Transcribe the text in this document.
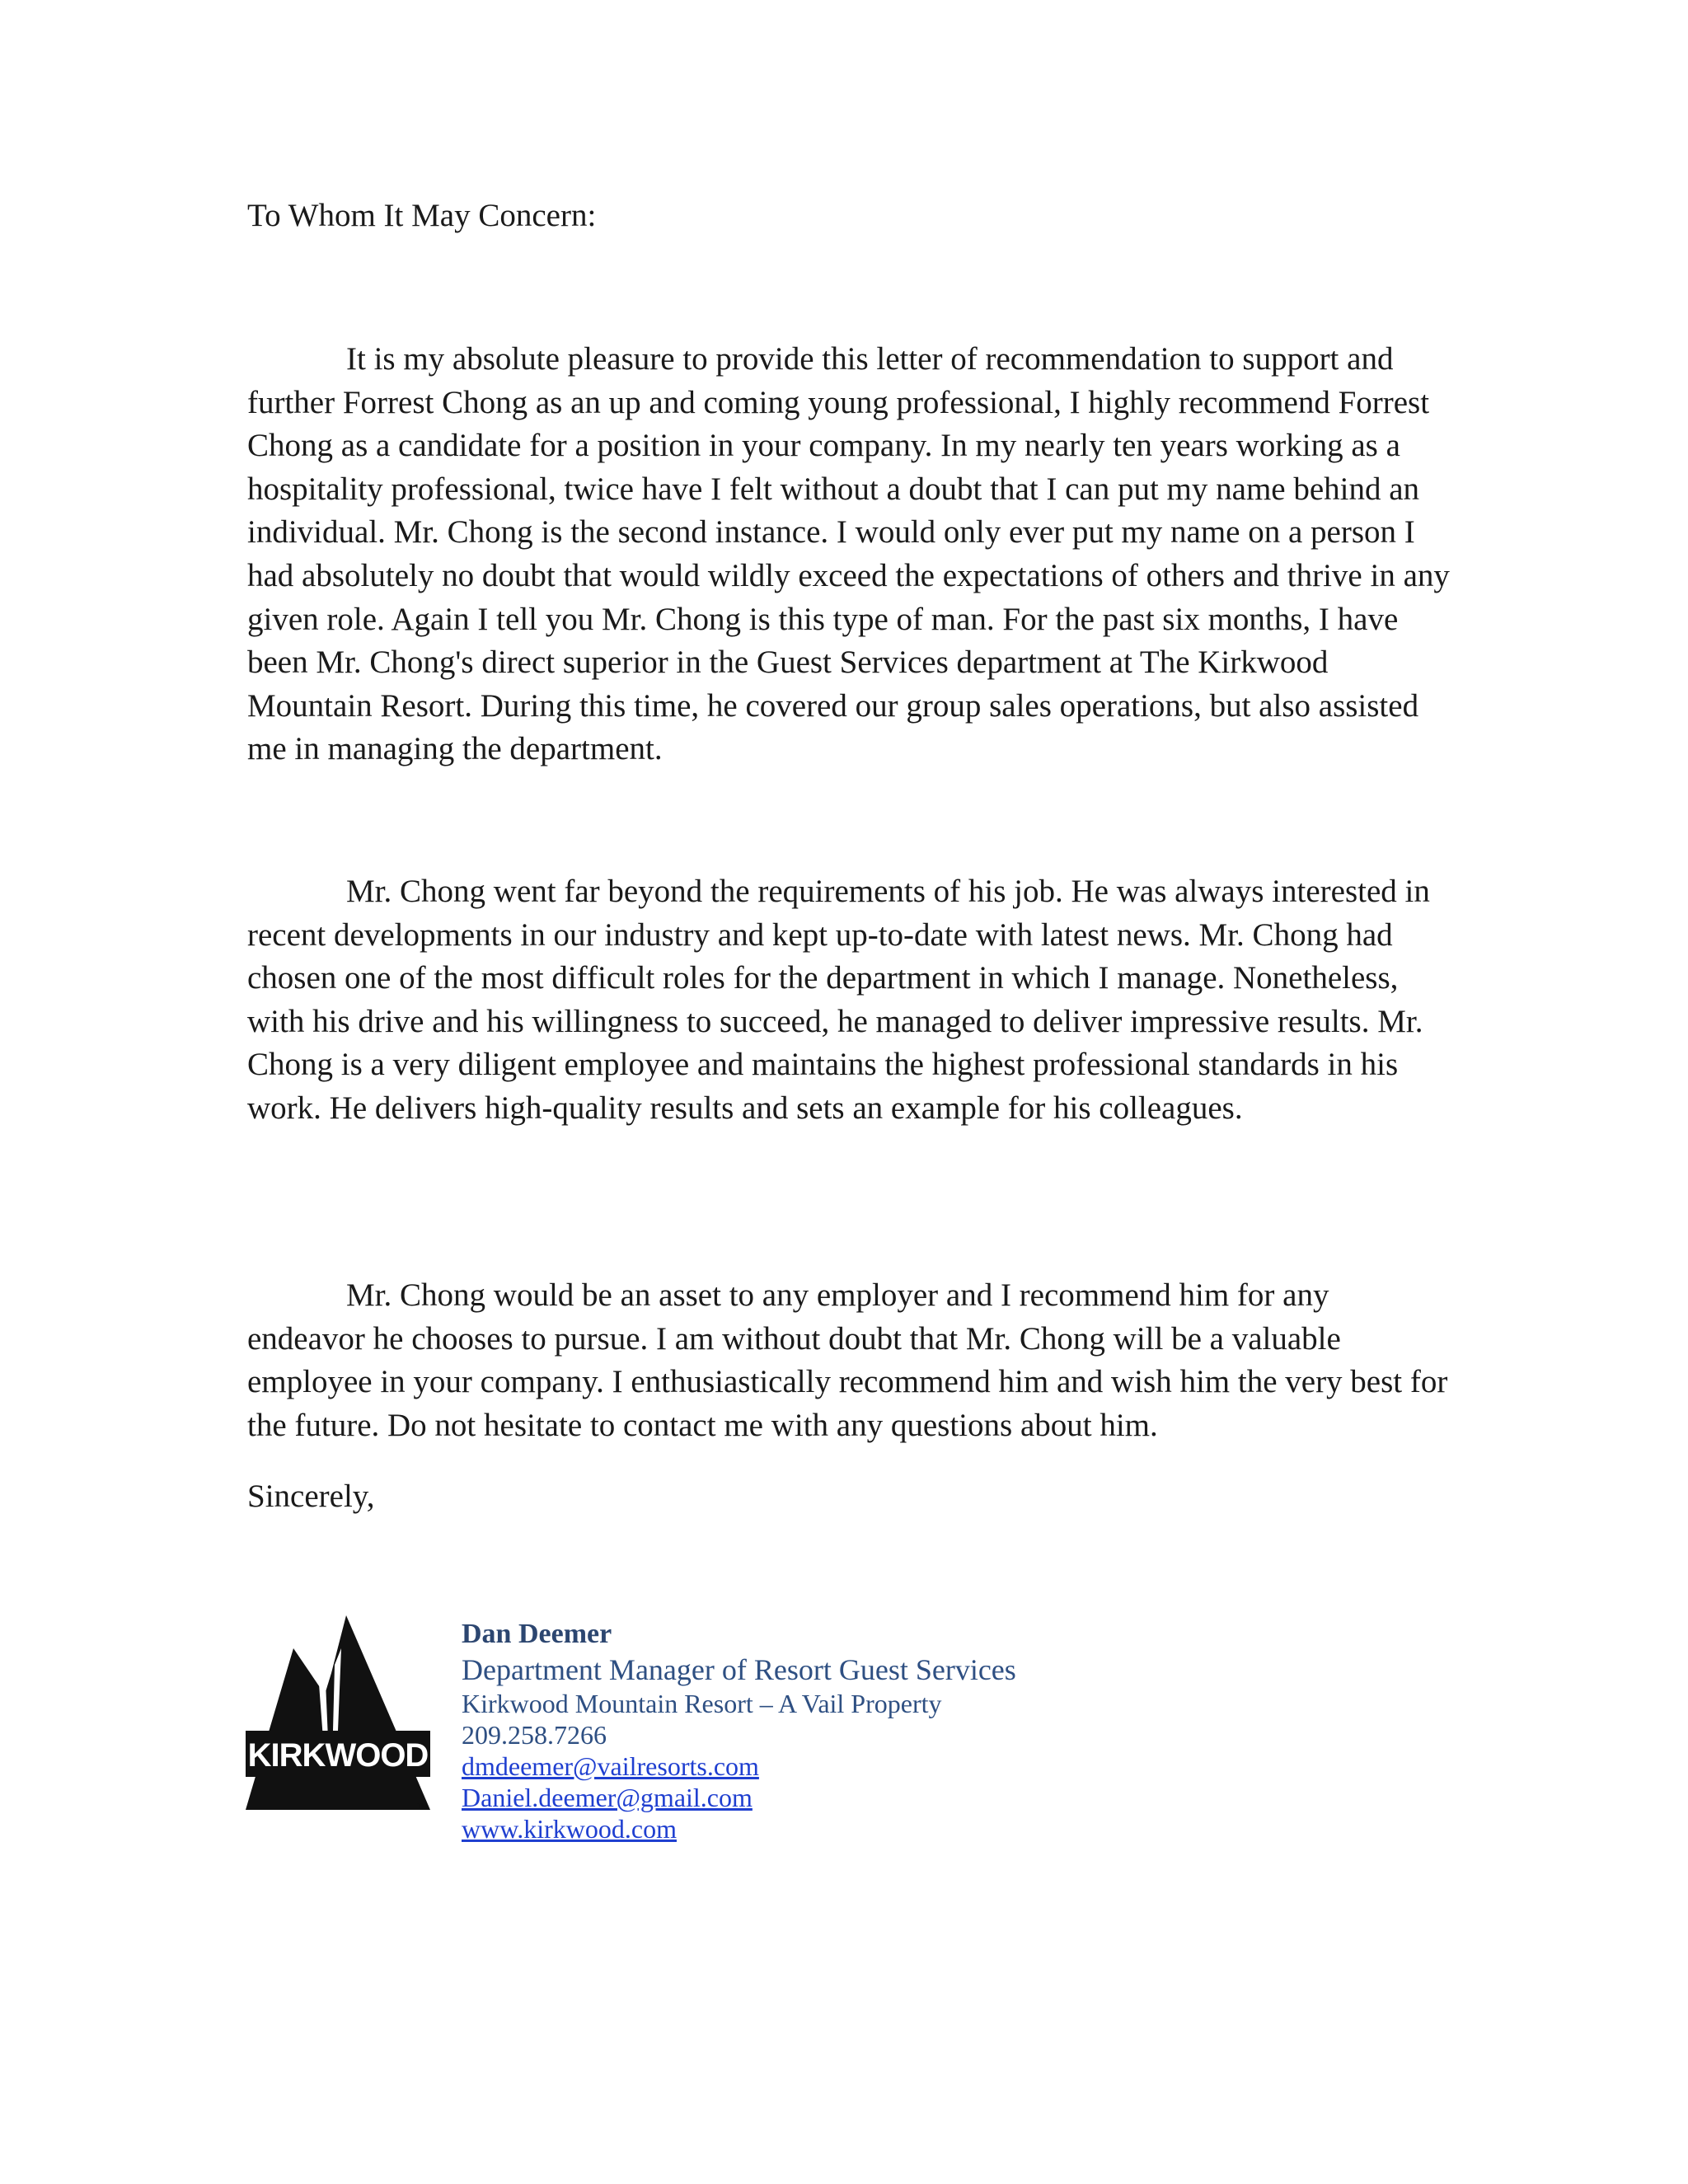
To Whom It May Concern:

It is my absolute pleasure to provide this letter of recommendation to support and further Forrest Chong as an up and coming young professional, I highly recommend Forrest Chong as a candidate for a position in your company. In my nearly ten years working as a hospitality professional, twice have I felt without a doubt that I can put my name behind an individual. Mr. Chong is the second instance. I would only ever put my name on a person I had absolutely no doubt that would wildly exceed the expectations of others and thrive in any given role. Again I tell you Mr. Chong is this type of man. For the past six months, I have been Mr. Chong's direct superior in the Guest Services department at The Kirkwood Mountain Resort. During this time, he covered our group sales operations, but also assisted me in managing the department.

Mr. Chong went far beyond the requirements of his job. He was always interested in recent developments in our industry and kept up-to-date with latest news. Mr. Chong had chosen one of the most difficult roles for the department in which I manage. Nonetheless, with his drive and his willingness to succeed, he managed to deliver impressive results. Mr. Chong is a very diligent employee and maintains the highest professional standards in his work. He delivers high-quality results and sets an example for his colleagues.

Mr. Chong would be an asset to any employer and I recommend him for any endeavor he chooses to pursue. I am without doubt that Mr. Chong will be a valuable employee in your company. I enthusiastically recommend him and wish him the very best for the future. Do not hesitate to contact me with any questions about him.

Sincerely,

KIRKWOOD
TM
Dan Deemer
Department Manager of Resort Guest Services
Kirkwood Mountain Resort – A Vail Property
209.258.7266
dmdeemer@vailresorts.com
Daniel.deemer@gmail.com
www.kirkwood.com
